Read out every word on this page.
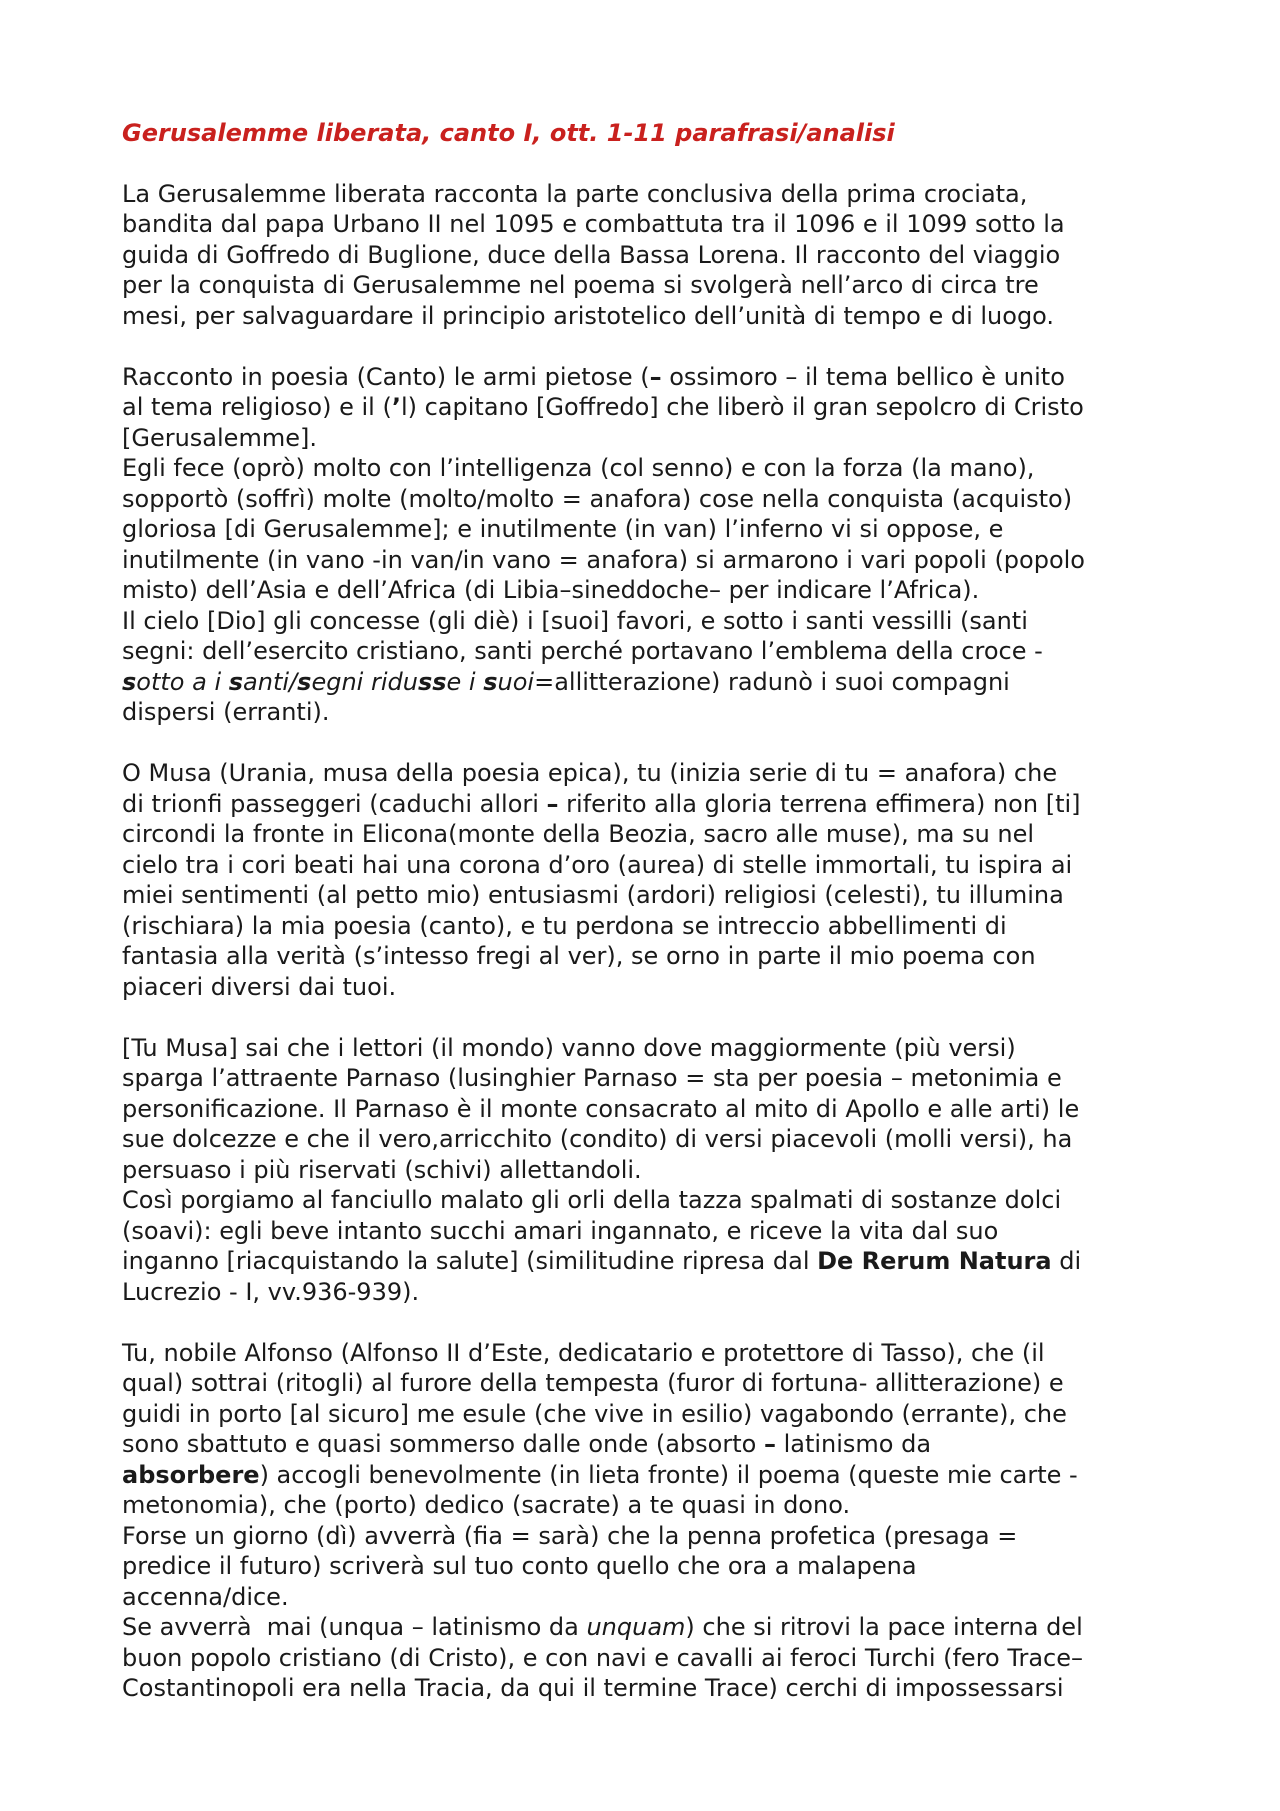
Gerusalemme liberata, canto I, ott. 1-11 parafrasi/analisi
La Gerusalemme liberata racconta la parte conclusiva della prima crociata,
bandita dal papa Urbano II nel 1095 e combattuta tra il 1096 e il 1099 sotto la
guida di Goffredo di Buglione, duce della Bassa Lorena. Il racconto del viaggio
per la conquista di Gerusalemme nel poema si svolgerà nell’arco di circa tre
mesi, per salvaguardare il principio aristotelico dell’unità di tempo e di luogo.
Racconto in poesia (Canto) le armi pietose (– ossimoro – il tema bellico è unito
al tema religioso) e il (’l) capitano [Goffredo] che liberò il gran sepolcro di Cristo
[Gerusalemme].
Egli fece (oprò) molto con l’intelligenza (col senno) e con la forza (la mano),
sopportò (soffrì) molte (molto/molto = anafora) cose nella conquista (acquisto)
gloriosa [di Gerusalemme]; e inutilmente (in van) l’inferno vi si oppose, e
inutilmente (in vano -in van/in vano = anafora) si armarono i vari popoli (popolo
misto) dell’Asia e dell’Africa (di Libia–sineddoche– per indicare l’Africa).
Il cielo [Dio] gli concesse (gli diè) i [suoi] favori, e sotto i santi vessilli (santi
segni: dell’esercito cristiano, santi perché portavano l’emblema della croce -
sotto a i santi/segni ridusse i suoi=allitterazione) radunò i suoi compagni
dispersi (erranti).
O Musa (Urania, musa della poesia epica), tu (inizia serie di tu = anafora) che
di trionfi passeggeri (caduchi allori – riferito alla gloria terrena effimera) non [ti]
circondi la fronte in Elicona(monte della Beozia, sacro alle muse), ma su nel
cielo tra i cori beati hai una corona d’oro (aurea) di stelle immortali, tu ispira ai
miei sentimenti (al petto mio) entusiasmi (ardori) religiosi (celesti), tu illumina
(rischiara) la mia poesia (canto), e tu perdona se intreccio abbellimenti di
fantasia alla verità (s’intesso fregi al ver), se orno in parte il mio poema con
piaceri diversi dai tuoi.
[Tu Musa] sai che i lettori (il mondo) vanno dove maggiormente (più versi)
sparga l’attraente Parnaso (lusinghier Parnaso = sta per poesia – metonimia e
personificazione. Il Parnaso è il monte consacrato al mito di Apollo e alle arti) le
sue dolcezze e che il vero,arricchito (condito) di versi piacevoli (molli versi), ha
persuaso i più riservati (schivi) allettandoli.
Così porgiamo al fanciullo malato gli orli della tazza spalmati di sostanze dolci
(soavi): egli beve intanto succhi amari ingannato, e riceve la vita dal suo
inganno [riacquistando la salute] (similitudine ripresa dal De Rerum Natura di
Lucrezio - I, vv.936-939).
Tu, nobile Alfonso (Alfonso II d’Este, dedicatario e protettore di Tasso), che (il
qual) sottrai (ritogli) al furore della tempesta (furor di fortuna- allitterazione) e
guidi in porto [al sicuro] me esule (che vive in esilio) vagabondo (errante), che
sono sbattuto e quasi sommerso dalle onde (absorto – latinismo da
absorbere) accogli benevolmente (in lieta fronte) il poema (queste mie carte -
metonomia), che (porto) dedico (sacrate) a te quasi in dono.
Forse un giorno (dì) avverrà (fia = sarà) che la penna profetica (presaga =
predice il futuro) scriverà sul tuo conto quello che ora a malapena
accenna/dice.
Se avverrà  mai (unqua – latinismo da unquam) che si ritrovi la pace interna del
buon popolo cristiano (di Cristo), e con navi e cavalli ai feroci Turchi (fero Trace–
Costantinopoli era nella Tracia, da qui il termine Trace) cerchi di impossessarsi
